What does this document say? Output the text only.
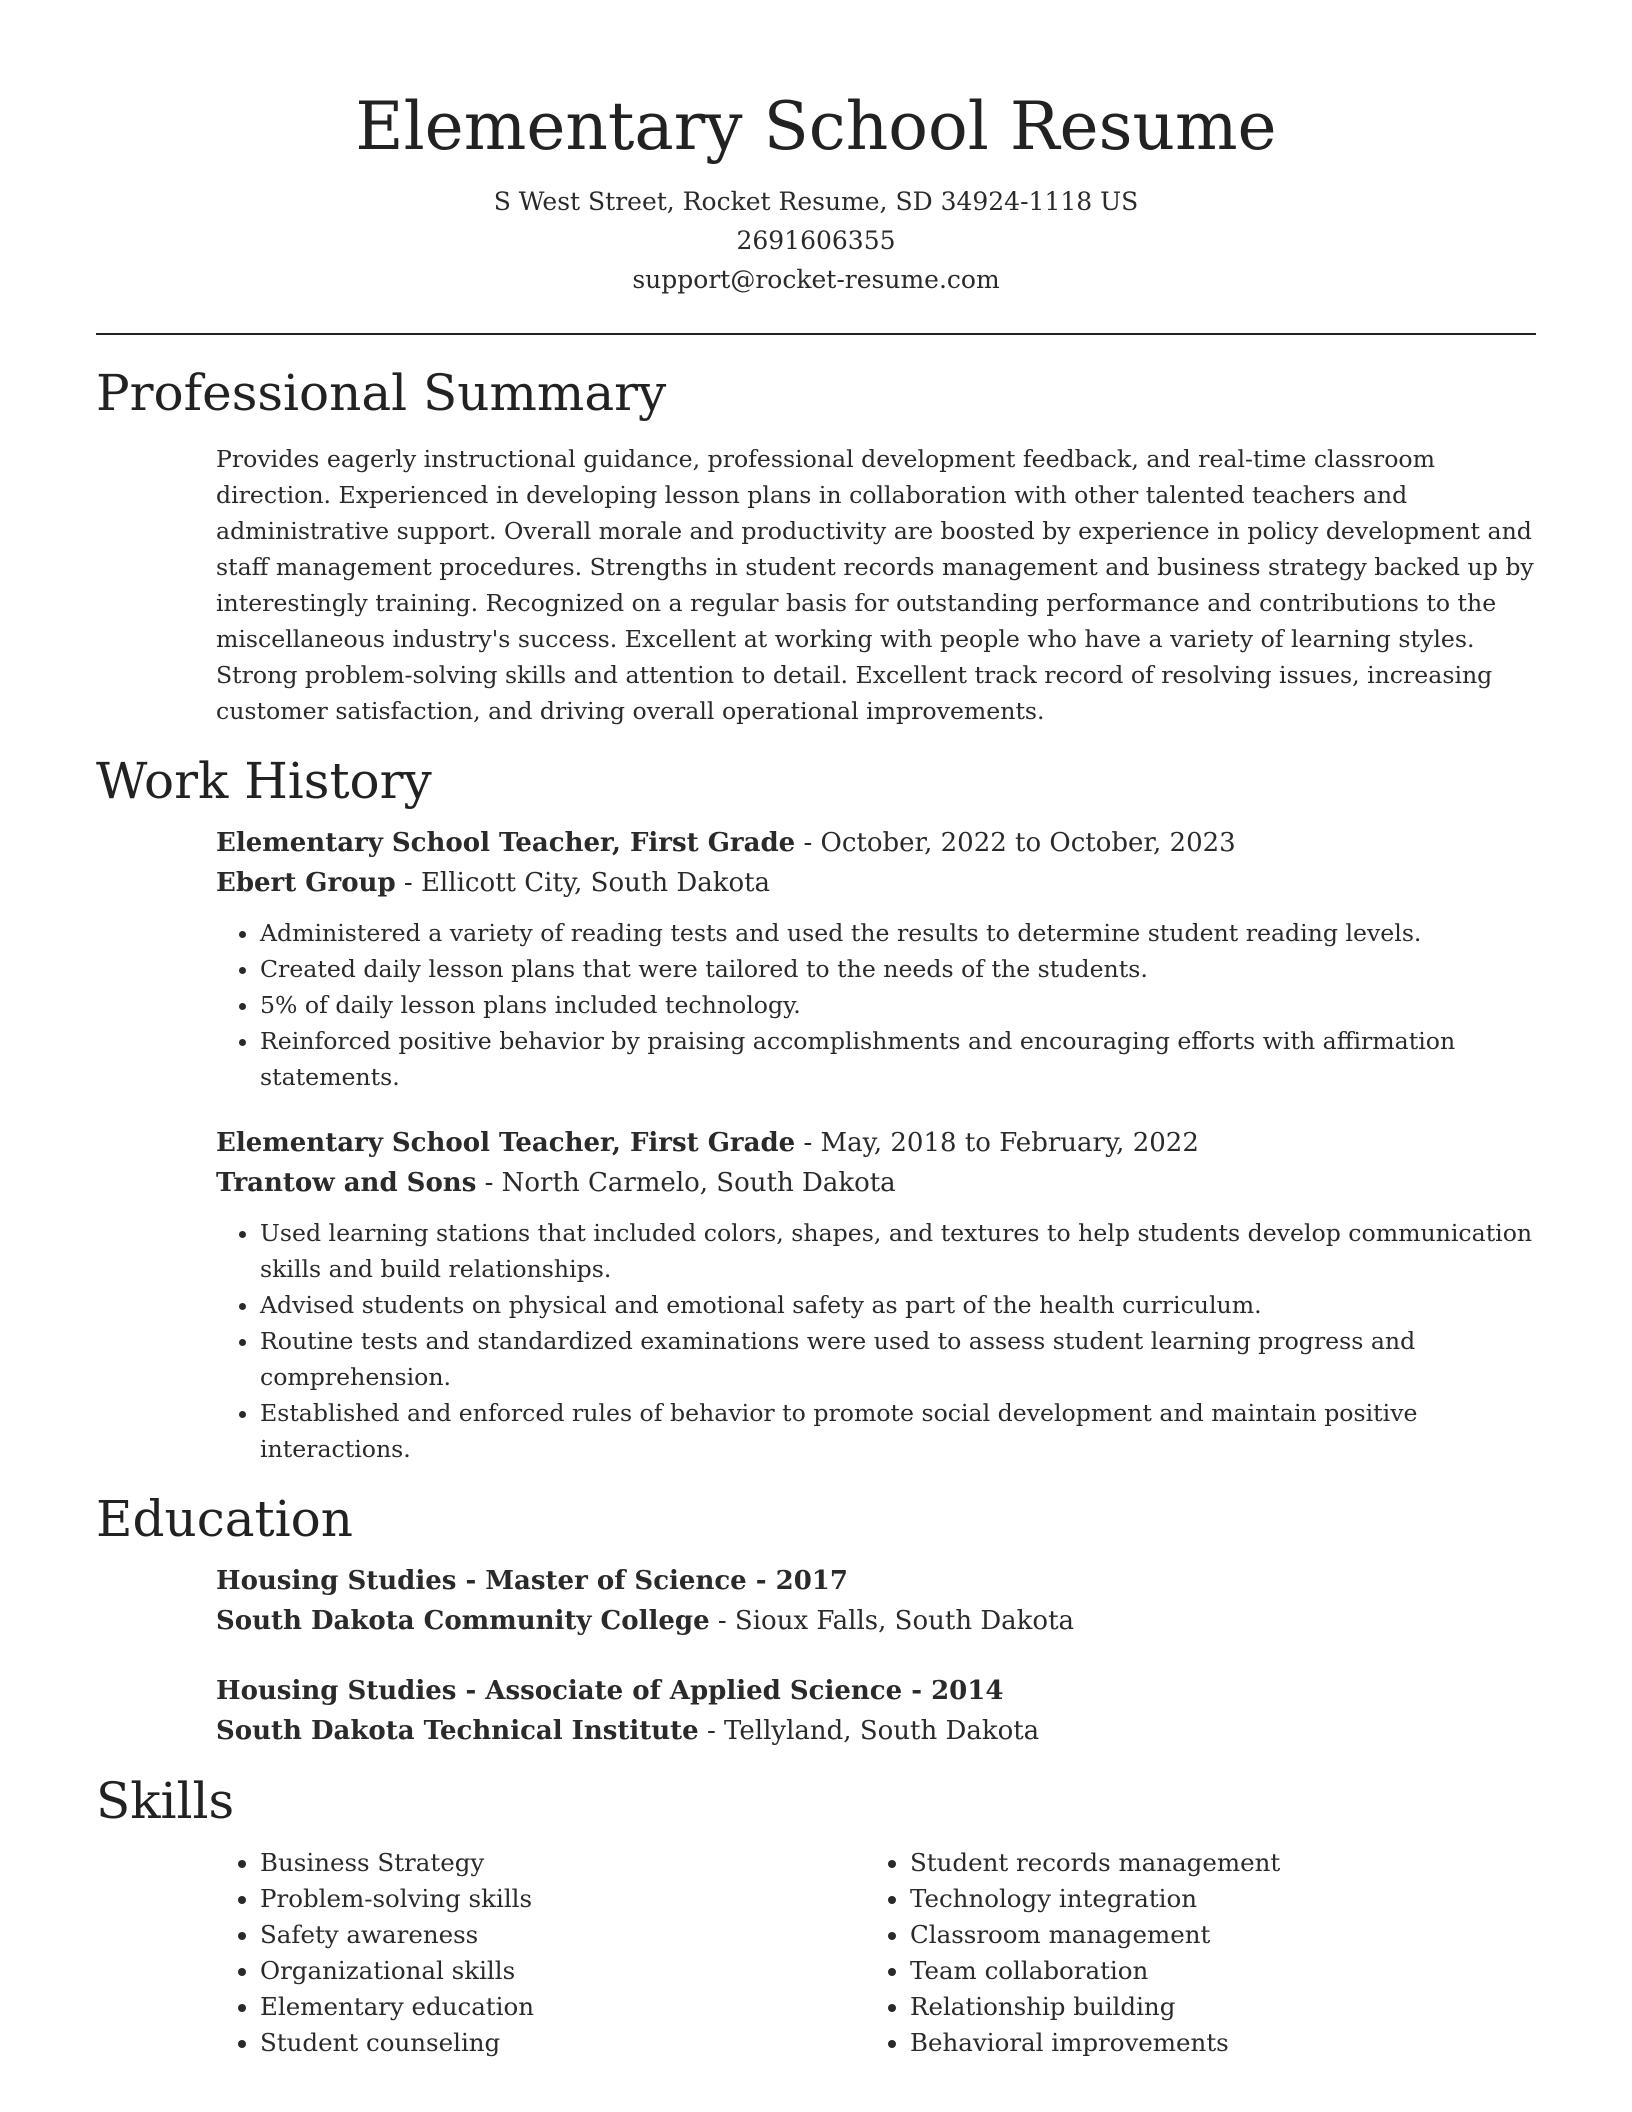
Elementary School Resume
S West Street, Rocket Resume, SD 34924-1118 US
2691606355
support@rocket-resume.com
Professional Summary

Provides eagerly instructional guidance, professional development feedback, and real-time classroom direction. Experienced in developing lesson plans in collaboration with other talented teachers and administrative support. Overall morale and productivity are boosted by experience in policy development and staff management procedures. Strengths in student records management and business strategy backed up by interestingly training. Recognized on a regular basis for outstanding performance and contributions to the miscellaneous industry's success. Excellent at working with people who have a variety of learning styles. Strong problem-solving skills and attention to detail. Excellent track record of resolving issues, increasing customer satisfaction, and driving overall operational improvements.

Work History
Elementary School Teacher, First Grade - October, 2022 to October, 2023
Ebert Group - Ellicott City, South Dakota
• Administered a variety of reading tests and used the results to determine student reading levels.
• Created daily lesson plans that were tailored to the needs of the students.
• 5% of daily lesson plans included technology.
• Reinforced positive behavior by praising accomplishments and encouraging efforts with affirmation statements.
Elementary School Teacher, First Grade - May, 2018 to February, 2022
Trantow and Sons - North Carmelo, South Dakota
• Used learning stations that included colors, shapes, and textures to help students develop communication skills and build relationships.
• Advised students on physical and emotional safety as part of the health curriculum.
• Routine tests and standardized examinations were used to assess student learning progress and comprehension.
• Established and enforced rules of behavior to promote social development and maintain positive interactions.
Education
Housing Studies - Master of Science - 2017
South Dakota Community College - Sioux Falls, South Dakota
Housing Studies - Associate of Applied Science - 2014
South Dakota Technical Institute - Tellyland, South Dakota
Skills
• Business Strategy
• Problem-solving skills
• Safety awareness
• Organizational skills
• Elementary education
• Student counseling
• Student records management
• Technology integration
• Classroom management
• Team collaboration
• Relationship building
• Behavioral improvements
